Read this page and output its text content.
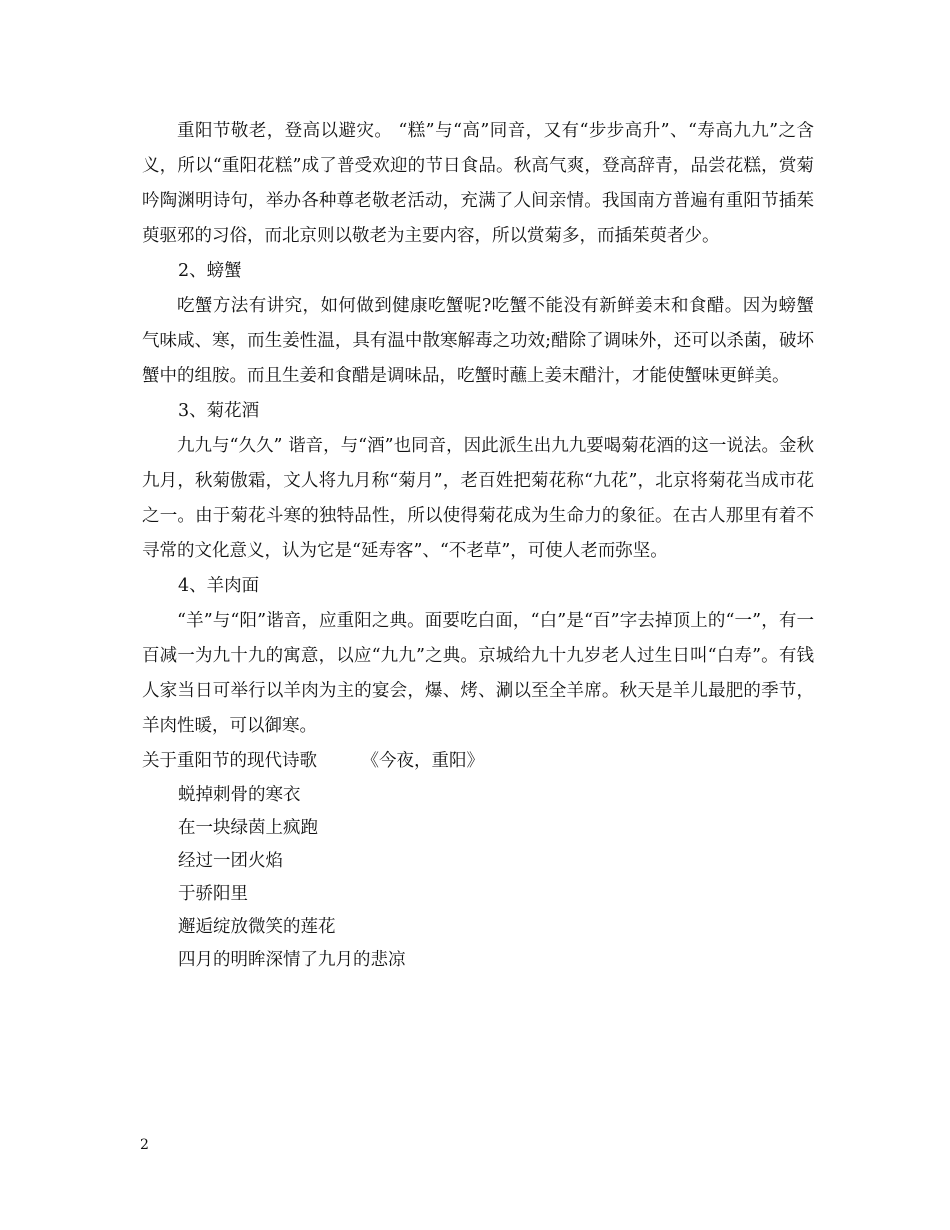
重阳节敬老，登高以避灾。 “糕”与“高”同音，又有“步步高升”、“寿高九九”之含义，所以“重阳花糕”成了普受欢迎的节日食品。秋高气爽，登高辞青，品尝花糕，赏菊吟陶渊明诗句，举办各种尊老敬老活动，充满了人间亲情。我国南方普遍有重阳节插茱萸驱邪的习俗，而北京则以敬老为主要内容，所以赏菊多，而插茱萸者少。

2、螃蟹

吃蟹方法有讲究，如何做到健康吃蟹呢?吃蟹不能没有新鲜姜末和食醋。因为螃蟹气味咸、寒，而生姜性温，具有温中散寒解毒之功效;醋除了调味外，还可以杀菌，破坏蟹中的组胺。而且生姜和食醋是调味品，吃蟹时蘸上姜末醋汁，才能使蟹味更鲜美。

3、菊花酒

九九与“久久” 谐音，与“酒”也同音，因此派生出九九要喝菊花酒的这一说法。金秋九月，秋菊傲霜，文人将九月称“菊月”，老百姓把菊花称“九花”，北京将菊花当成市花之一。由于菊花斗寒的独特品性，所以使得菊花成为生命力的象征。在古人那里有着不寻常的文化意义，认为它是“延寿客”、“不老草”，可使人老而弥坚。

4、羊肉面

“羊”与“阳”谐音，应重阳之典。面要吃白面，“白”是“百”字去掉顶上的“一”，有一百减一为九十九的寓意，以应“九九”之典。京城给九十九岁老人过生日叫“白寿”。有钱人家当日可举行以羊肉为主的宴会，爆、烤、涮以至全羊席。秋天是羊儿最肥的季节，羊肉性暖，可以御寒。

关于重阳节的现代诗歌	《今夜，重阳》

蜕掉刺骨的寒衣

在一块绿茵上疯跑

经过一团火焰

于骄阳里

邂逅绽放微笑的莲花

四月的明眸深情了九月的悲凉

2
